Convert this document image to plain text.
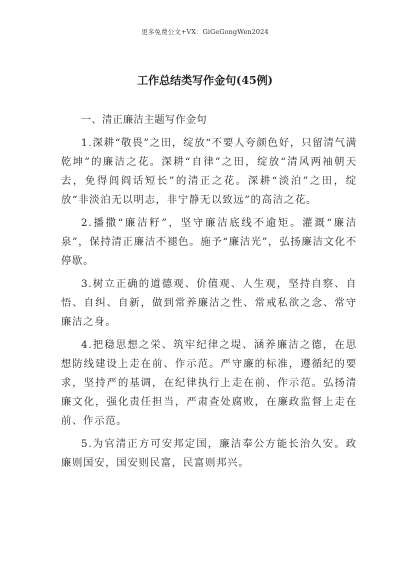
更多免费公文+VX：GiGeGongWen2024
工作总结类写作金句(45例)

一、清正廉洁主题写作金句

1.深耕“敬畏”之田，绽放“不要人夸颜色好，只留清气满乾坤”的廉洁之花。深耕“自律”之田，绽放“清风两袖朝天去，免得闾阎话短长”的清正之花。深耕“淡泊”之田，绽放“非淡泊无以明志，非宁静无以致远”的高洁之花。

2.播撒“廉洁籽”，坚守廉洁底线不逾矩。灌溉“廉洁泉”，保持清正廉洁不褪色。施予“廉洁光”，弘扬廉洁文化不停歇。

3.树立正确的道德观、价值观、人生观，坚持自察、自悟、自纠、自新，做到常养廉洁之性、常戒私欲之念、常守廉洁之身。

4.把稳思想之栄、筑牢纪律之堤、涵养廉洁之德，在思想防线建设上走在前、作示范。严守廉的标准，遵循纪的要求，坚持严的基调，在纪律执行上走在前、作示范。弘扬清廉文化，强化责任担当，严肃查处腐败，在廉政监督上走在前、作示范。

5.为官清正方可安邦定国，廉洁奉公方能长治久安。政廉则国安，国安则民富，民富则邦兴。
